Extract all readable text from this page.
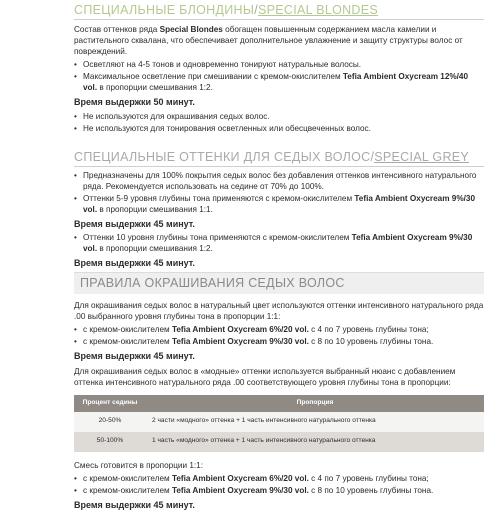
СПЕЦИАЛЬНЫЕ БЛОНДИНЫ/SPECIAL BLONDES

Состав оттенков ряда Special Blondes обогащен повышенным содержанием масла камелии и растительного сквалана, что обеспечивает дополнительное увлажнение и защиту структуры волос от повреждений.

• Осветляют на 4-5 тонов и одновременно тонируют натуральные волосы.
• Максимальное осветление при смешивании с кремом-окислителем Tefia Ambient Oxycream 12%/40 vol. в пропорции смешивания 1:2.
Время выдержки 50 минут.
• Не используются для окрашивания седых волос.
• Не используются для тонирования осветленных или обесцвеченных волос.
СПЕЦИАЛЬНЫЕ ОТТЕНКИ ДЛЯ СЕДЫХ ВОЛОС/SPECIAL GREY
• Предназначены для 100% покрытия седых волос без добавления оттенков интенсивного натурального ряда. Рекомендуется использовать на седине от 70% до 100%.
• Оттенки 5-9 уровня глубины тона применяются с кремом-окислителем Tefia Ambient Oxycream 9%/30 vol. в пропорции смешивания 1:1.
Время выдержки 45 минут.
• Оттенки 10 уровня глубины тона применяются с кремом-окислителем Tefia Ambient Oxycream 9%/30 vol. в пропорции смешивания 1:2.
Время выдержки 45 минут.
ПРАВИЛА ОКРАШИВАНИЯ СЕДЫХ ВОЛОС

Для окрашивания седых волос в натуральный цвет используются оттенки интенсивного натурального ряда .00 выбранного уровня глубины тона в пропорции 1:1:

• с кремом-окислителем Tefia Ambient Oxycream 6%/20 vol. с 4 по 7 уровень глубины тона;
• с кремом-окислителем Tefia Ambient Oxycream 9%/30 vol. с 8 по 10 уровень глубины тона.
Время выдержки 45 минут.

Для окрашивания седых волос в «модные» оттенки используется выбранный нюанс с добавлением оттенка интенсивного натурального ряда .00 соответствующего уровня глубины тона в пропорции:

Процент седины	Пропорция
20-50%	2 части «модного» оттенка + 1 часть интенсивного натурального оттенка
50-100%	1 часть «модного» оттенка + 1 часть интенсивного натурального оттенка

Смесь готовится в пропорции 1:1:

• с кремом-окислителем Tefia Ambient Oxycream 6%/20 vol. с 4 по 7 уровень глубины тона;
• с кремом-окислителем Tefia Ambient Oxycream 9%/30 vol. с 8 по 10 уровень глубины тона.
Время выдержки 45 минут.
